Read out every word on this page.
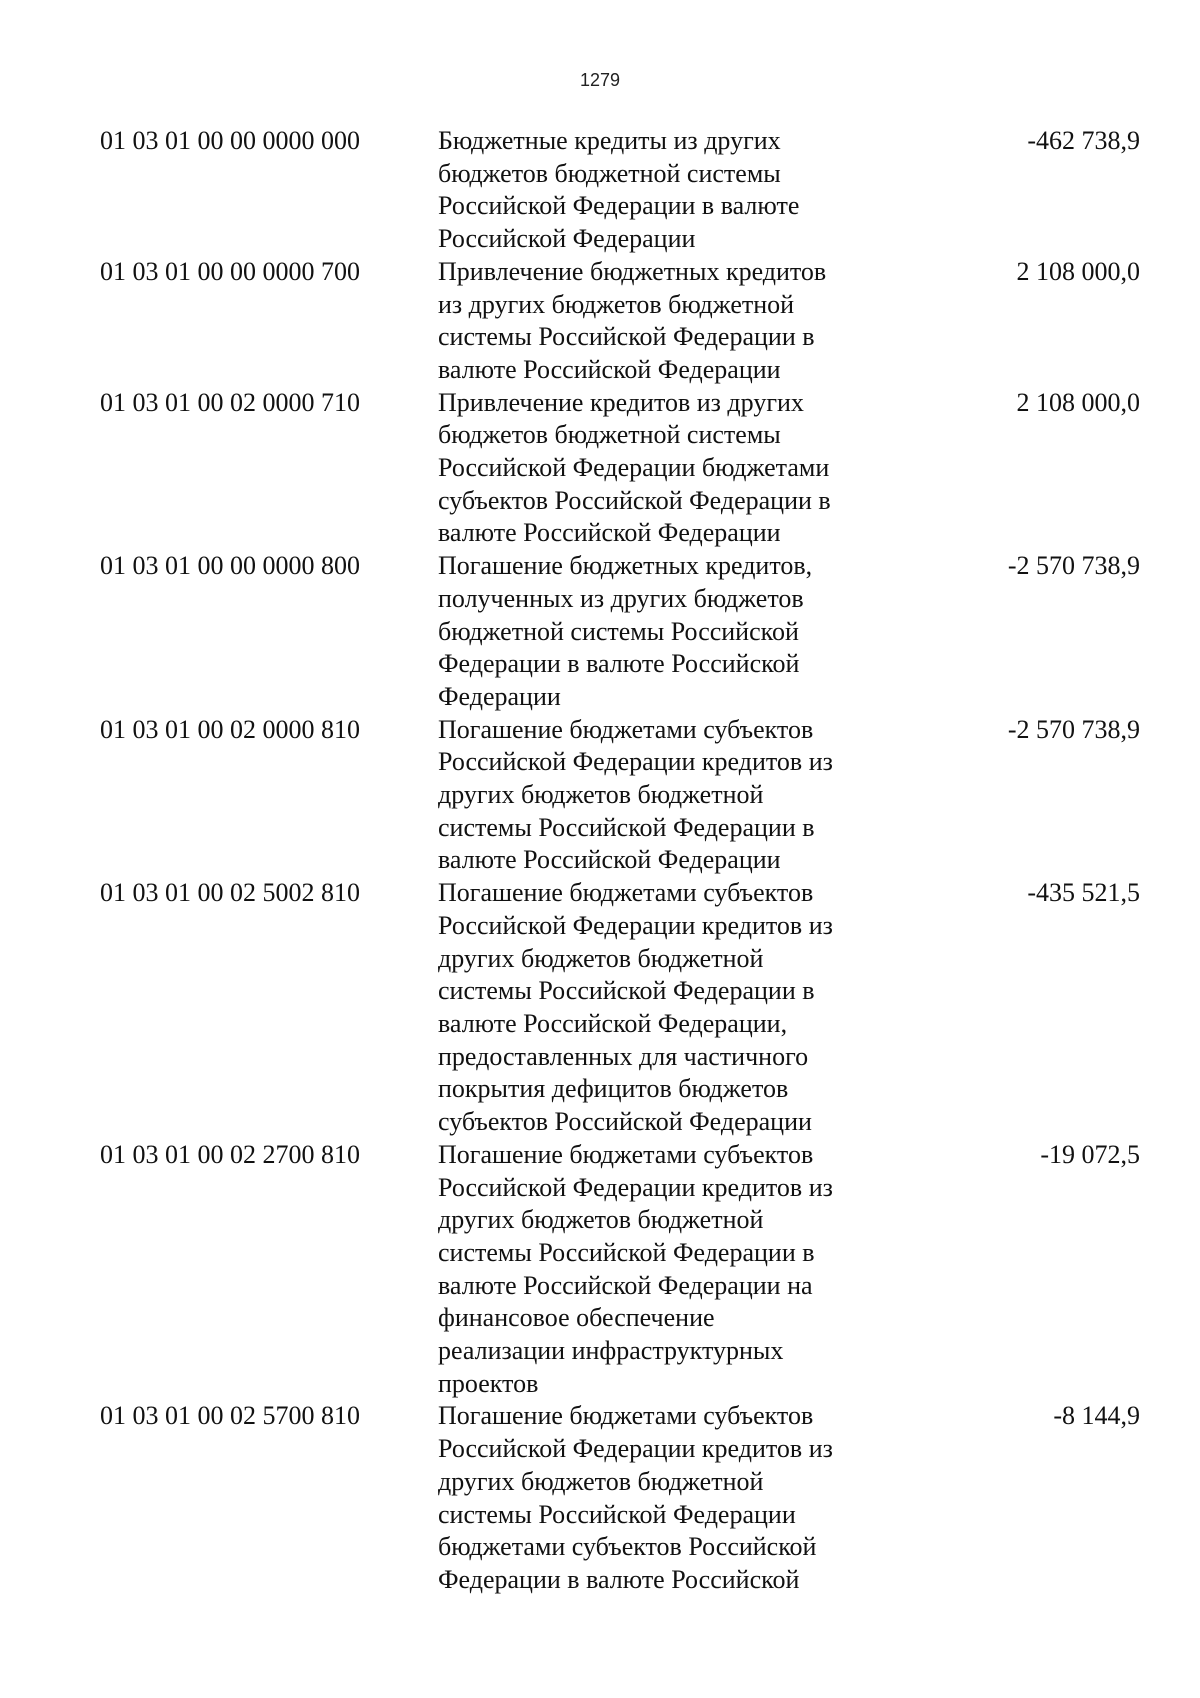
1279
01 03 01 00 00 0000 000	Бюджетные кредиты из других
бюджетов бюджетной системы
Российской Федерации в валюте
Российской Федерации
-462 738,9
01 03 01 00 00 0000 700	Привлечение бюджетных кредитов
из других бюджетов бюджетной
системы Российской Федерации в
валюте Российской Федерации
2 108 000,0
01 03 01 00 02 0000 710	Привлечение кредитов из других
бюджетов бюджетной системы
Российской Федерации бюджетами
субъектов Российской Федерации в
валюте Российской Федерации
2 108 000,0
01 03 01 00 00 0000 800	Погашение бюджетных кредитов,
полученных из других бюджетов
бюджетной системы Российской
Федерации в валюте Российской
Федерации
-2 570 738,9
01 03 01 00 02 0000 810	Погашение бюджетами субъектов
Российской Федерации кредитов из
других бюджетов бюджетной
системы Российской Федерации в
валюте Российской Федерации
-2 570 738,9
01 03 01 00 02 5002 810	Погашение бюджетами субъектов
Российской Федерации кредитов из
других бюджетов бюджетной
системы Российской Федерации в
валюте Российской Федерации,
предоставленных для частичного
покрытия дефицитов бюджетов
субъектов Российской Федерации
-435 521,5
01 03 01 00 02 2700 810	Погашение бюджетами субъектов
Российской Федерации кредитов из
других бюджетов бюджетной
системы Российской Федерации в
валюте Российской Федерации на
финансовое обеспечение
реализации инфраструктурных
проектов
-19 072,5
01 03 01 00 02 5700 810	Погашение бюджетами субъектов
Российской Федерации кредитов из
других бюджетов бюджетной
системы Российской Федерации
бюджетами субъектов Российской
Федерации в валюте Российской
-8 144,9
